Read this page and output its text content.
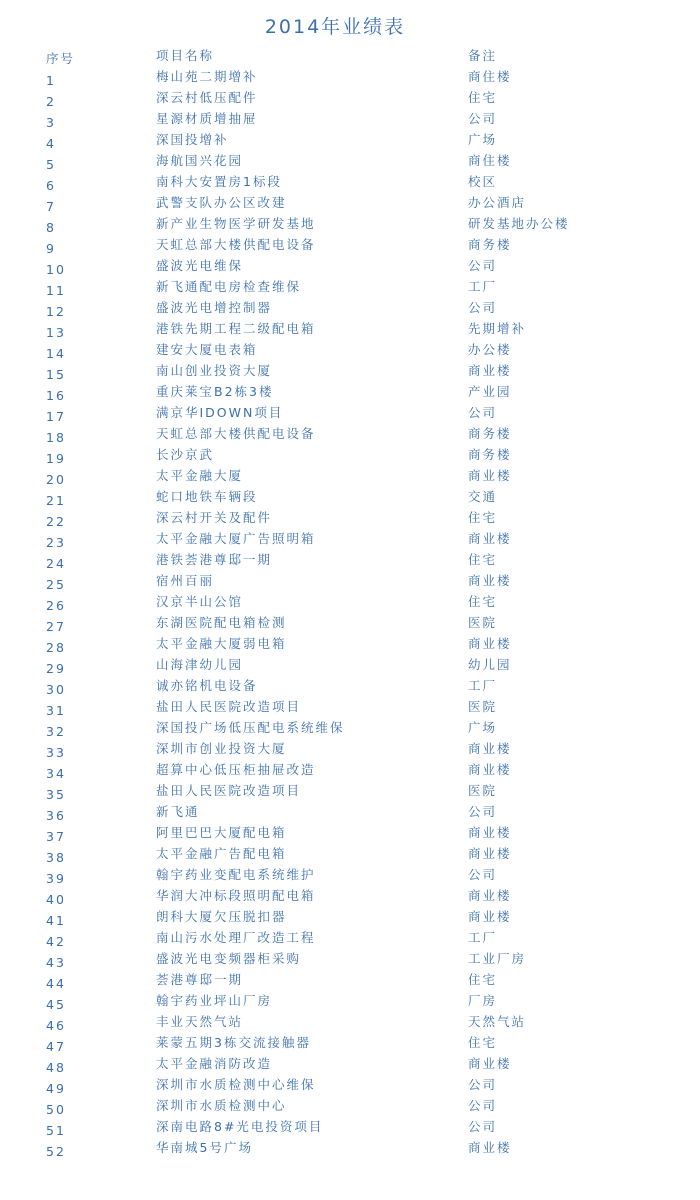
2014年业绩表
序号	项目名称	备注
1	梅山苑二期增补	商住楼
2	深云村低压配件	住宅
3	星源材质增抽屉	公司
4	深国投增补	广场
5	海航国兴花园	商住楼
6	南科大安置房1标段	校区
7	武警支队办公区改建	办公酒店
8	新产业生物医学研发基地	研发基地办公楼
9	天虹总部大楼供配电设备	商务楼
10	盛波光电维保	公司
11	新飞通配电房检查维保	工厂
12	盛波光电增控制器	公司
13	港铁先期工程二级配电箱	先期增补
14	建安大厦电表箱	办公楼
15	南山创业投资大厦	商业楼
16	重庆莱宝B2栋3楼	产业园
17	满京华IDOWN项目	公司
18	天虹总部大楼供配电设备	商务楼
19	长沙京武	商务楼
20	太平金融大厦	商业楼
21	蛇口地铁车辆段	交通
22	深云村开关及配件	住宅
23	太平金融大厦广告照明箱	商业楼
24	港铁荟港尊邸一期	住宅
25	宿州百丽	商业楼
26	汉京半山公馆	住宅
27	东湖医院配电箱检测	医院
28	太平金融大厦弱电箱	商业楼
29	山海津幼儿园	幼儿园
30	诚亦铭机电设备	工厂
31	盐田人民医院改造项目	医院
32	深国投广场低压配电系统维保	广场
33	深圳市创业投资大厦	商业楼
34	超算中心低压柜抽屉改造	商业楼
35	盐田人民医院改造项目	医院
36	新飞通	公司
37	阿里巴巴大厦配电箱	商业楼
38	太平金融广告配电箱	商业楼
39	翰宇药业变配电系统维护	公司
40	华润大冲标段照明配电箱	商业楼
41	朗科大厦欠压脱扣器	商业楼
42	南山污水处理厂改造工程	工厂
43	盛波光电变频器柜采购	工业厂房
44	荟港尊邸一期	住宅
45	翰宇药业坪山厂房	厂房
46	丰业天然气站	天然气站
47	莱蒙五期3栋交流接触器	住宅
48	太平金融消防改造	商业楼
49	深圳市水质检测中心维保	公司
50	深圳市水质检测中心	公司
51	深南电路8#光电投资项目	公司
52	华南城5号广场	商业楼
